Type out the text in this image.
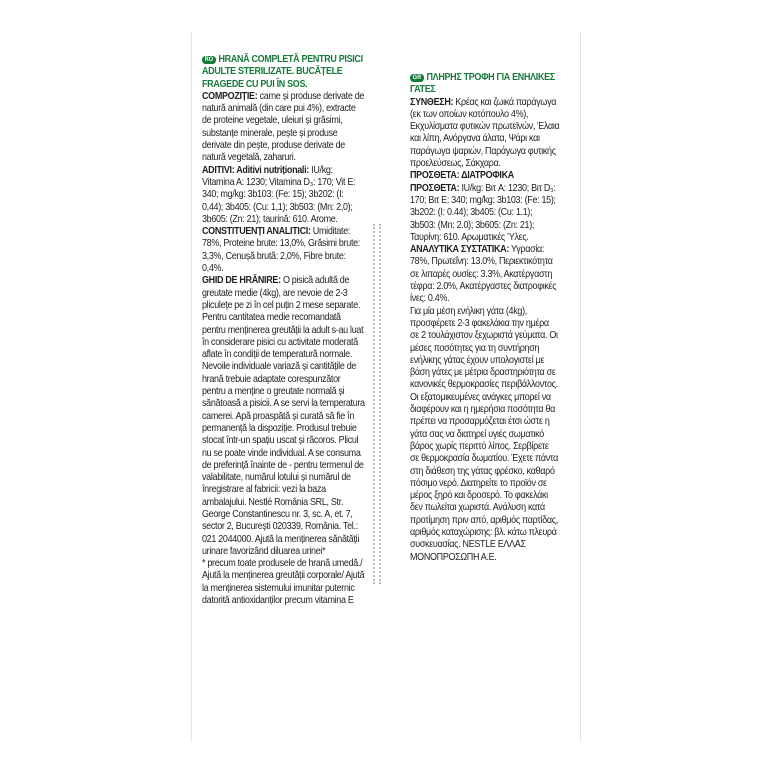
RO HRANĂ COMPLETĂ PENTRU PISICI ADULTE STERILIZATE. BUCĂȚELE FRAGEDE CU PUI ÎN SOS.

COMPOZIȚIE: carne și produse derivate de natură animală (din care pui 4%), extracte de proteine vegetale, uleiuri și grăsimi, substanțe minerale, pește și produse derivate din pește, produse derivate de natură vegetală, zaharuri.

ADITIVI: Aditivi nutriționali: IU/kg: Vitamina A: 1230; Vitamina D₃: 170; Vit E: 340; mg/kg: 3b103: (Fe: 15); 3b202: (I: 0,44); 3b405: (Cu: 1,1); 3b503: (Mn: 2,0); 3b605: (Zn: 21); taurină: 610. Arome.

CONSTITUENȚI ANALITICI: Umiditate: 78%, Proteine brute: 13,0%, Grăsimi brute: 3,3%, Cenușă brută: 2,0%, Fibre brute: 0,4%.

GHID DE HRĂNIRE: O pisică adultă de greutate medie (4kg), are nevoie de 2-3 pliculețe pe zi în cel puțin 2 mese separate. Pentru cantitatea medie recomandată pentru menținerea greutății la adult s-au luat în considerare pisici cu activitate moderată aflate în condiții de temperatură normale. Nevoile individuale variază și cantitățile de hrană trebuie adaptate corespunzător pentru a menține o greutate normală și sănătoasă a pisicii. A se servi la temperatura camerei. Apă proaspătă și curată să fie în permanență la dispoziție. Produsul trebuie stocat într-un spațiu uscat și răcoros. Plicul nu se poate vinde individual. A se consuma de preferință înainte de - pentru termenul de valabilitate, numărul lotului și numărul de înregistrare al fabricii: vezi la baza ambalajului. Nestlé România SRL, Str. George Constantinescu nr. 3, sc. A, et. 7, sector 2, București 020339, România. Tel.: 021 2044000. Ajută la menținerea sănătății urinare favorizând diluarea urinei*

* precum toate produsele de hrană umedă./ Ajută la menținerea greutății corporale/ Ajută la menținerea sistemului imunitar puternic datorită antioxidanților precum vitamina E

GR ΠΛΗΡΗΣ ΤΡΟΦΗ ΓΙΑ ΕΝΗΛΙΚΕΣ ΓΑΤΕΣ

ΣΥΝΘΕΣΗ: Κρέας και ζωικά παράγωγα (εκ των οποίων κοτόπουλο 4%), Εκχυλίσματα φυτικών πρωτεϊνών, Έλαια και λίπη, Ανόργανα άλατα, Ψάρι και παράγωγα ψαριών, Παράγωγα φυτικής προελεύσεως, Σάκχαρα.

ΠΡΟΣΘΕΤΑ: ΔΙΑΤΡΟΦΙΚΑ ΠΡΟΣΘΕΤΑ: IU/kg: Βιτ A: 1230; Βιτ D₃: 170; Βιτ E: 340; mg/kg: 3b103: (Fe: 15); 3b202: (I: 0.44); 3b405: (Cu: 1.1); 3b503: (Mn: 2.0); 3b605: (Zn: 21); Ταυρίνη: 610. Αρωματικές Ύλες.

ΑΝΑΛΥΤΙΚΑ ΣΥΣΤΑΤΙΚΑ: Υγρασία: 78%, Πρωτεΐνη: 13.0%, Περιεκτικότητα σε λιπαρές ουσίες: 3.3%, Ακατέργαστη τέφρα: 2.0%, Ακατέργαστες διατροφικές ίνες: 0.4%.

Για μία μέση ενήλικη γάτα (4kg), προσφέρετε 2-3 φακελάκια την ημέρα σε 2 τουλάχιστον ξεχωριστά γεύματα. Οι μέσες ποσότητες για τη συντήρηση ενήλικης γάτας έχουν υπολογιστεί με βάση γάτες με μέτρια δραστηριότητα σε κανονικές θερμοκρασίες περιβάλλοντος. Οι εξατομικευμένες ανάγκες μπορεί να διαφέρουν και η ημερήσια ποσότητα θα πρέπει να προσαρμόζεται έτσι ώστε η γάτα σας να διατηρεί υγιές σωματικό βάρος χωρίς περιττό λίπος. Σερβίρετε σε θερμοκρασία δωματίου. Έχετε πάντα στη διάθεση της γάτας φρέσκο, καθαρό πόσιμο νερό. Διατηρείτε το προϊόν σε μέρος ξηρό και δροσερό. Το φακελάκι δεν πωλείται χωριστά. Ανάλυση κατά προτίμηση πριν από, αριθμός παρτίδας, αριθμός καταχώρισης: βλ. κάτω πλευρά συσκευασίας. NESTLE ΕΛΛΑΣ ΜΟΝΟΠΡΟΣΩΠΗ Α.Ε.
